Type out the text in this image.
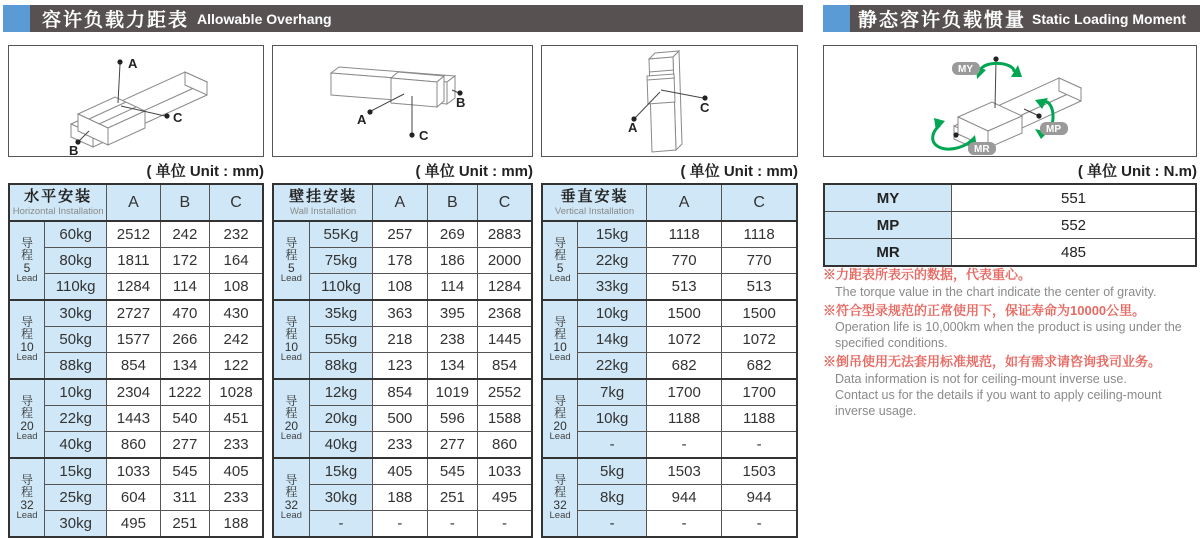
容许负载力距表 Allowable Overhang	静态容许负载惯量 Static Loading Moment
A
B
C	A
B
C
A
C
MY
MP
MR
( 单位 Unit : mm)	( 单位 Unit : mm)	( 单位 Unit : mm)	( 单位 Unit : N.m)
水平安装
Horizontal Installation		A	B	C

导
程
5
Lead	60kg	2512	242	232
	80kg	1811	172	164
	110kg	1284	114	108

导
程
10
Lead	30kg	2727	470	430
	50kg	1577	266	242
	88kg	854	134	122

导
程
20
Lead	10kg	2304	1222	1028
	22kg	1443	540	451
	40kg	860	277	233

导
程
32
Lead	15kg	1033	545	405
	25kg	604	311	233
	30kg	495	251	188
壁挂安装
Wall Installation		A	B	C

导
程
5
Lead	55Kg	257	269	2883
	75kg	178	186	2000
	110kg	108	114	1284

导
程
10
Lead	35kg	363	395	2368
	55kg	218	238	1445
	88kg	123	134	854

导
程
20
Lead	12kg	854	1019	2552
	20kg	500	596	1588
	40kg	233	277	860

导
程
32
Lead	15kg	405	545	1033
	30kg	188	251	495
	-	-	-	-
垂直安装
Vertical Installation		A	C

导
程
5
Lead	15kg	1118	1118
	22kg	770	770
	33kg	513	513

导
程
10
Lead	10kg	1500	1500
	14kg	1072	1072
	22kg	682	682

导
程
20
Lead	7kg	1700	1700
	10kg	1188	1188
	-	-	-

导
程
32
Lead	5kg	1503	1503
	8kg	944	944
	-	-	-
MY	551
MP	552
MR	485
※力距表所表示的数据，代表重心。
The torque value in the chart indicate the center of gravity.
※符合型录规范的正常使用下，保证寿命为10000公里。
Operation life is 10,000km when the product is using under the
specified conditions.
※倒吊使用无法套用标准规范，如有需求请咨询我司业务。
Data information is not for ceiling-mount inverse use.
Contact us for the details if you want to apply ceiling-mount
inverse usage.
